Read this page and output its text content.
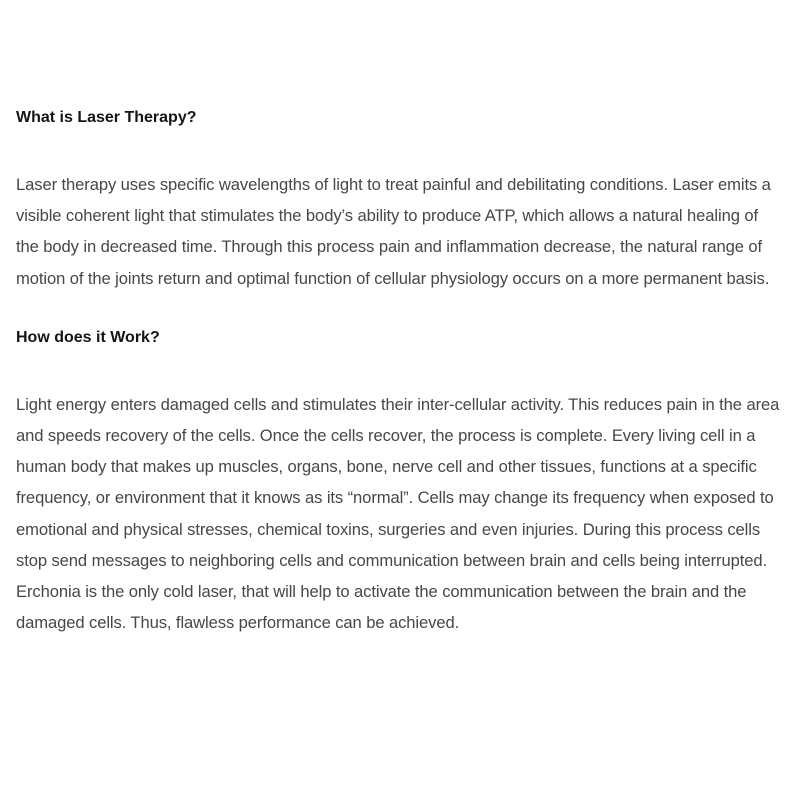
What is Laser Therapy?

Laser therapy uses specific wavelengths of light to treat painful and debilitating conditions. Laser emits a visible coherent light that stimulates the body’s ability to produce ATP, which allows a natural healing of the body in decreased time. Through this process pain and inflammation decrease, the natural range of motion of the joints return and optimal function of cellular physiology occurs on a more permanent basis.

How does it Work?

Light energy enters damaged cells and stimulates their inter-cellular activity. This reduces pain in the area and speeds recovery of the cells. Once the cells recover, the process is complete. Every living cell in a human body that makes up muscles, organs, bone, nerve cell and other tissues, functions at a specific frequency, or environment that it knows as its “normal”. Cells may change its frequency when exposed to emotional and physical stresses, chemical toxins, surgeries and even injuries. During this process cells stop send messages to neighboring cells and communication between brain and cells being interrupted. Erchonia is the only cold laser, that will help to activate the communication between the brain and the damaged cells. Thus, flawless performance can be achieved.
